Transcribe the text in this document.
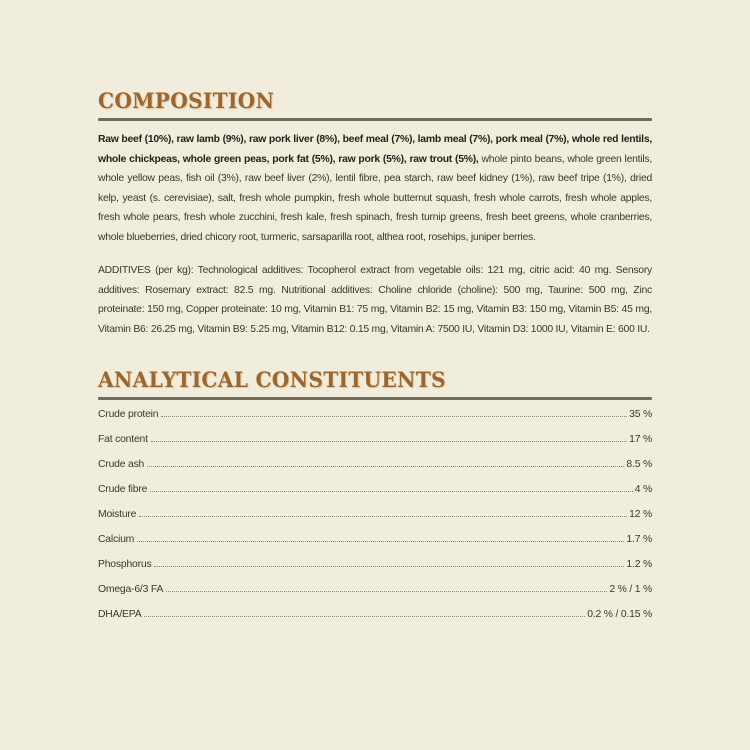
COMPOSITION

Raw beef (10%), raw lamb (9%), raw pork liver (8%), beef meal (7%), lamb meal (7%), pork meal (7%), whole red lentils, whole chickpeas, whole green peas, pork fat (5%), raw pork (5%), raw trout (5%), whole pinto beans, whole green lentils, whole yellow peas, fish oil (3%), raw beef liver (2%), lentil fibre, pea starch, raw beef kidney (1%), raw beef tripe (1%), dried kelp, yeast (s. cerevisiae), salt, fresh whole pumpkin, fresh whole butternut squash, fresh whole carrots, fresh whole apples, fresh whole pears, fresh whole zucchini, fresh kale, fresh spinach, fresh turnip greens, fresh beet greens, whole cranberries, whole blueberries, dried chicory root, turmeric, sarsaparilla root, althea root, rosehips, juniper berries.

ADDITIVES (per kg): Technological additives: Tocopherol extract from vegetable oils: 121 mg, citric acid: 40 mg. Sensory additives: Rosemary extract: 82.5 mg. Nutritional additives: Choline chloride (choline): 500 mg, Taurine: 500 mg, Zinc proteinate: 150 mg, Copper proteinate: 10 mg, Vitamin B1: 75 mg, Vitamin B2: 15 mg, Vitamin B3: 150 mg, Vitamin B5: 45 mg, Vitamin B6: 26.25 mg, Vitamin B9: 5.25 mg, Vitamin B12: 0.15 mg, Vitamin A: 7500 IU, Vitamin D3: 1000 IU, Vitamin E: 600 IU.

ANALYTICAL CONSTITUENTS
Crude protein	35 %
Fat content	17 %
Crude ash	8.5 %
Crude fibre	4 %
Moisture	12 %
Calcium	1.7 %
Phosphorus	1.2 %
Omega-6/3 FA	2 % / 1 %
DHA/EPA	0.2 % / 0.15 %
